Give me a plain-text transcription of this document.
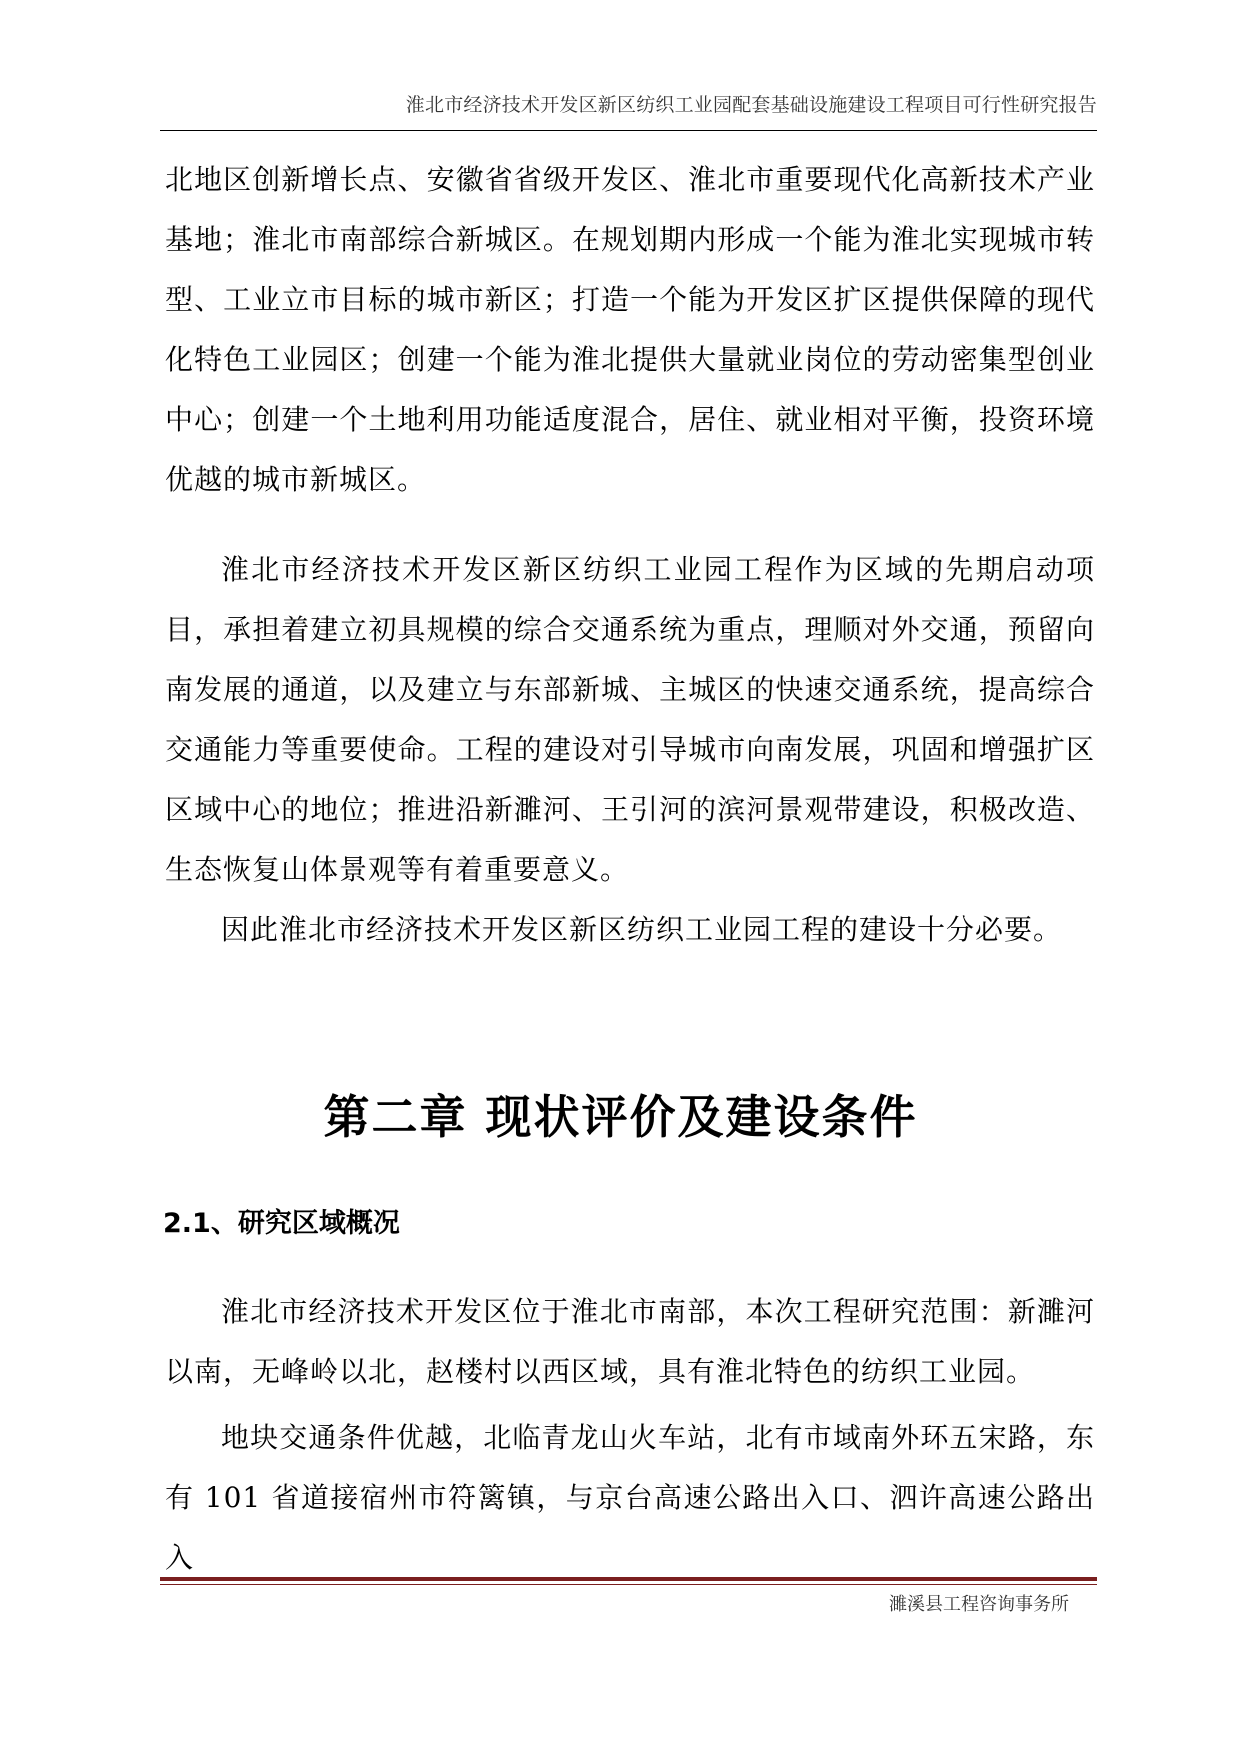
淮北市经济技术开发区新区纺织工业园配套基础设施建设工程项目可行性研究报告

北地区创新增长点、安徽省省级开发区、淮北市重要现代化高新技术产业基地；淮北市南部综合新城区。在规划期内形成一个能为淮北实现城市转型、工业立市目标的城市新区；打造一个能为开发区扩区提供保障的现代化特色工业园区；创建一个能为淮北提供大量就业岗位的劳动密集型创业中心；创建一个土地利用功能适度混合，居住、就业相对平衡，投资环境优越的城市新城区。

淮北市经济技术开发区新区纺织工业园工程作为区域的先期启动项目，承担着建立初具规模的综合交通系统为重点，理顺对外交通，预留向南发展的通道，以及建立与东部新城、主城区的快速交通系统，提高综合交通能力等重要使命。工程的建设对引导城市向南发展，巩固和增强扩区区域中心的地位；推进沿新濉河、王引河的滨河景观带建设，积极改造、生态恢复山体景观等有着重要意义。

因此淮北市经济技术开发区新区纺织工业园工程的建设十分必要。

第二章 现状评价及建设条件
2.1、研究区域概况

淮北市经济技术开发区位于淮北市南部，本次工程研究范围：新濉河以南，无峰岭以北，赵楼村以西区域，具有淮北特色的纺织工业园。

地块交通条件优越，北临青龙山火车站，北有市域南外环五宋路，东有 101 省道接宿州市符篱镇，与京台高速公路出入口、泗许高速公路出入

濉溪县工程咨询事务所
